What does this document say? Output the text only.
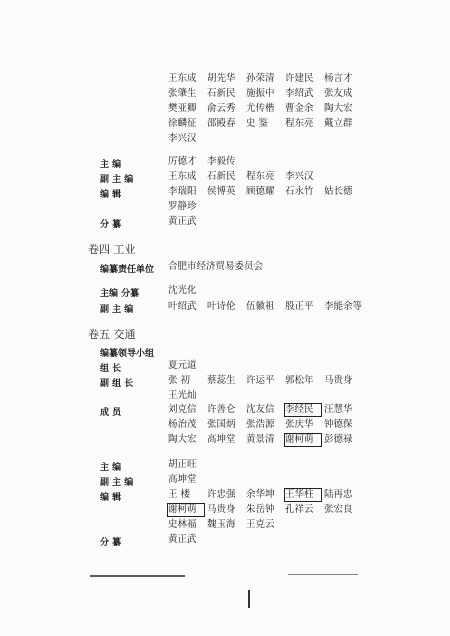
王东成	胡先华	孙荣清	许建民	杨言才
张肇生	石新民	施振中	李绍武	张友成
樊亚卿	俞云秀	尤传楷	曹金余	陶大宏
徐麟征	邵殿春	史 鉴	程东亮	戴立群
李兴汉
主 编	厉德才	李毅传
副 主 编	王东成	石新民	程东亮	李兴汉
编 辑	李瑞阳	侯博英	顾德耀	石永竹	姑长德
罗静珍
分 纂	黄正武
卷四 工业
编纂责任单位 合肥市经济贸易委员会
主编 分纂	沈光化
副 主 编	叶绍武	叶诗伦	伍徽祖	殷正平	李能余等
卷五 交通
编纂领导小组
组 长	夏元道
副 组 长	张 初	蔡蕊生	许运平	郭松年	马贵身
王光灿
成 员	刘克信	许善仑	沈友信	李经民	汪慧华
杨治茂	张国炳	张浩源	张庆华	钟德保
陶大宏	高坤堂	黄景清	谢柯萌	彭德禄
主 编	胡正旺
副 主 编	高坤堂
编 辑	王 楼	许忠强	余华坤	王华柱	陆再忠
谢柯萌	马贵身	朱岳钟	孔祥云	张宏良
史林福	魏玉海	王克云
分 纂	黄正武
